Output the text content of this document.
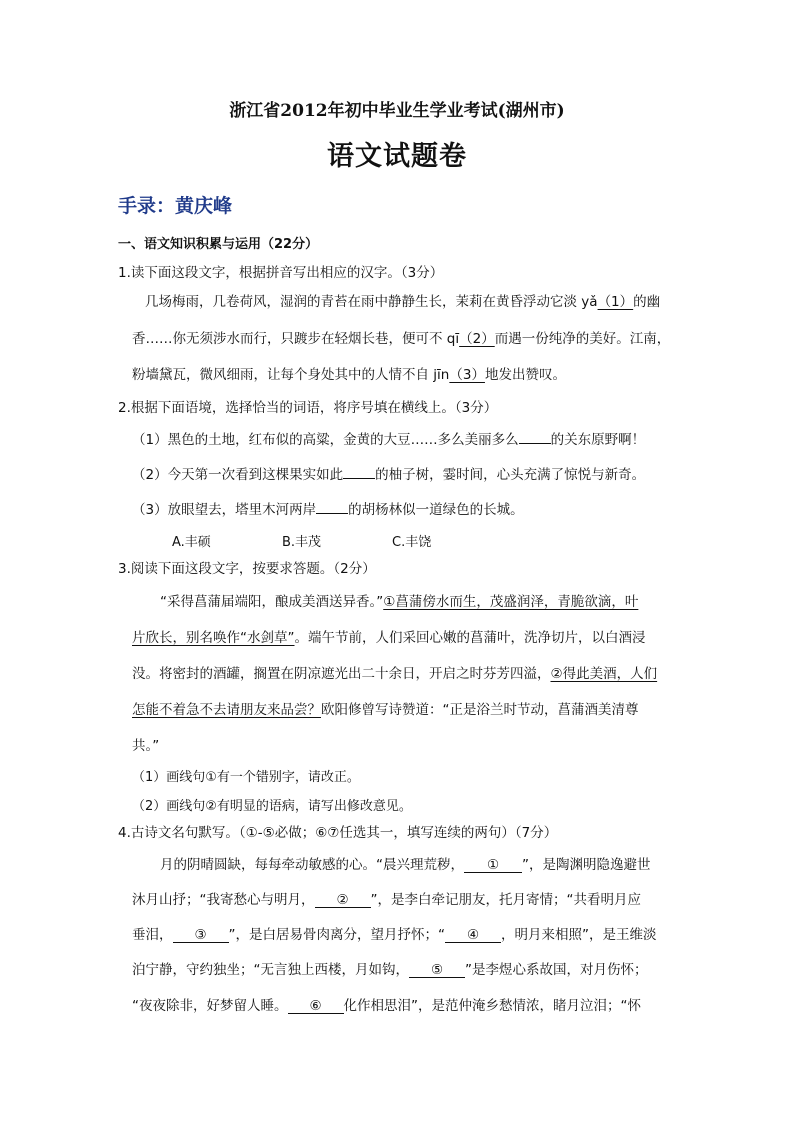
浙江省2012年初中毕业生学业考试(湖州市)
语文试题卷
手录：黄庆峰
一、语文知识积累与运用（22分）
1.读下面这段文字，根据拼音写出相应的汉字。（3分）
几场梅雨，几卷荷风，湿润的青苔在雨中静静生长，茉莉在黄昏浮动它淡 yǎ（1）的幽
香……你无须涉水而行，只踱步在轻烟长巷，便可不 qī（2）而遇一份纯净的美好。江南，
粉墙黛瓦，微风细雨，让每个身处其中的人情不自 jīn（3）地发出赞叹。
2.根据下面语境，选择恰当的词语，将序号填在横线上。（3分）
（1）黑色的土地，红布似的高粱，金黄的大豆……多么美丽多么 的关东原野啊！
（2）今天第一次看到这棵果实如此 的柚子树，霎时间，心头充满了惊悦与新奇。
（3）放眼望去，塔里木河两岸 的胡杨林似一道绿色的长城。
A.丰硕	B.丰茂	C.丰饶
3.阅读下面这段文字，按要求答题。（2分）
“采得菖蒲届端阳，酿成美酒送异香。”①菖蒲傍水而生，茂盛润泽，青脆欲滴，叶
片欣长，别名唤作“水剑草”。端午节前，人们采回心嫩的菖蒲叶，洗净切片，以白酒浸
没。将密封的酒罐，搁置在阴凉遮光出二十余日，开启之时芬芳四溢，②得此美酒，人们
怎能不着急不去请朋友来品尝？欧阳修曾写诗赞道：“正是浴兰时节动，菖蒲酒美清尊
共。”
（1）画线句①有一个错别字，请改正。
（2）画线句②有明显的语病，请写出修改意见。
4.古诗文名句默写。（①-⑤必做；⑥⑦任选其一，填写连续的两句）（7分）
月的阴晴圆缺，每每牵动敏感的心。“晨兴理荒秽， ① ”，是陶渊明隐逸避世
沐月山抒；“我寄愁心与明月， ② ”，是李白牵记朋友，托月寄情；“共看明月应
垂泪， ③ ”，是白居易骨肉离分，望月抒怀；“ ④ ，明月来相照”，是王维淡
泊宁静，守约独坐；“无言独上西楼，月如钩， ⑤ ”是李煜心系故国，对月伤怀；
“夜夜除非，好梦留人睡。 ⑥ 化作相思泪”，是范仲淹乡愁情浓，睹月泣泪；“怀
